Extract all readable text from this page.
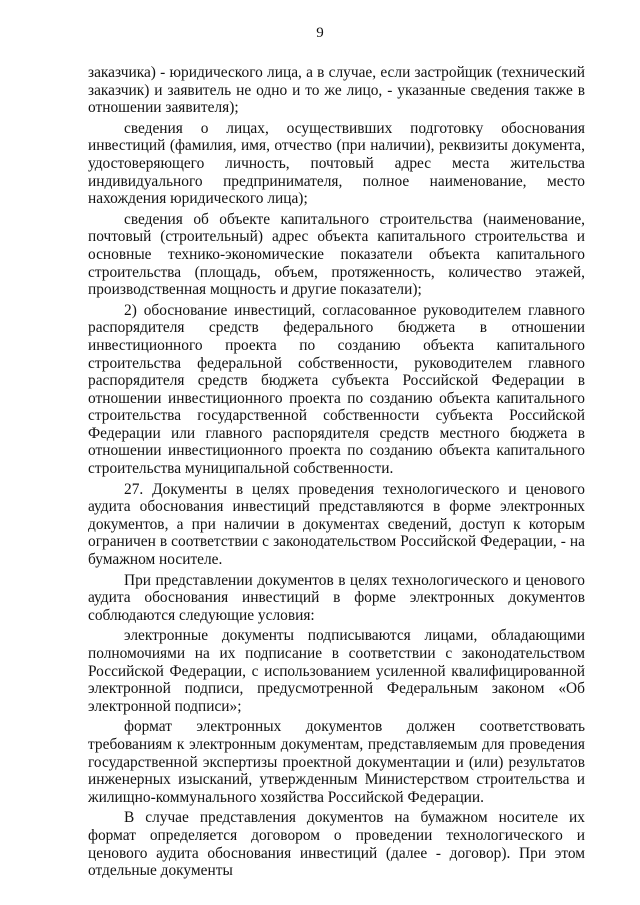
9

заказчика) - юридического лица, а в случае, если застройщик (технический заказчик) и заявитель не одно и то же лицо, - указанные сведения также в отношении заявителя);

сведения о лицах, осуществивших подготовку обоснования инвестиций (фамилия, имя, отчество (при наличии), реквизиты документа, удостоверяющего личность, почтовый адрес места жительства индивидуального предпринимателя, полное наименование, место нахождения юридического лица);

сведения об объекте капитального строительства (наименование, почтовый (строительный) адрес объекта капитального строительства и основные технико-экономические показатели объекта капитального строительства (площадь, объем, протяженность, количество этажей, производственная мощность и другие показатели);

2) обоснование инвестиций, согласованное руководителем главного распорядителя средств федерального бюджета в отношении инвестиционного проекта по созданию объекта капитального строительства федеральной собственности, руководителем главного распорядителя средств бюджета субъекта Российской Федерации в отношении инвестиционного проекта по созданию объекта капитального строительства государственной собственности субъекта Российской Федерации или главного распорядителя средств местного бюджета в отношении инвестиционного проекта по созданию объекта капитального строительства муниципальной собственности.

27. Документы в целях проведения технологического и ценового аудита обоснования инвестиций представляются в форме электронных документов, а при наличии в документах сведений, доступ к которым ограничен в соответствии с законодательством Российской Федерации, - на бумажном носителе.

При представлении документов в целях технологического и ценового аудита обоснования инвестиций в форме электронных документов соблюдаются следующие условия:

электронные документы подписываются лицами, обладающими полномочиями на их подписание в соответствии с законодательством Российской Федерации, с использованием усиленной квалифицированной электронной подписи, предусмотренной Федеральным законом «Об электронной подписи»;

формат электронных документов должен соответствовать требованиям к электронным документам, представляемым для проведения государственной экспертизы проектной документации и (или) результатов инженерных изысканий, утвержденным Министерством строительства и жилищно-коммунального хозяйства Российской Федерации.

В случае представления документов на бумажном носителе их формат определяется договором о проведении технологического и ценового аудита обоснования инвестиций (далее - договор). При этом отдельные документы
